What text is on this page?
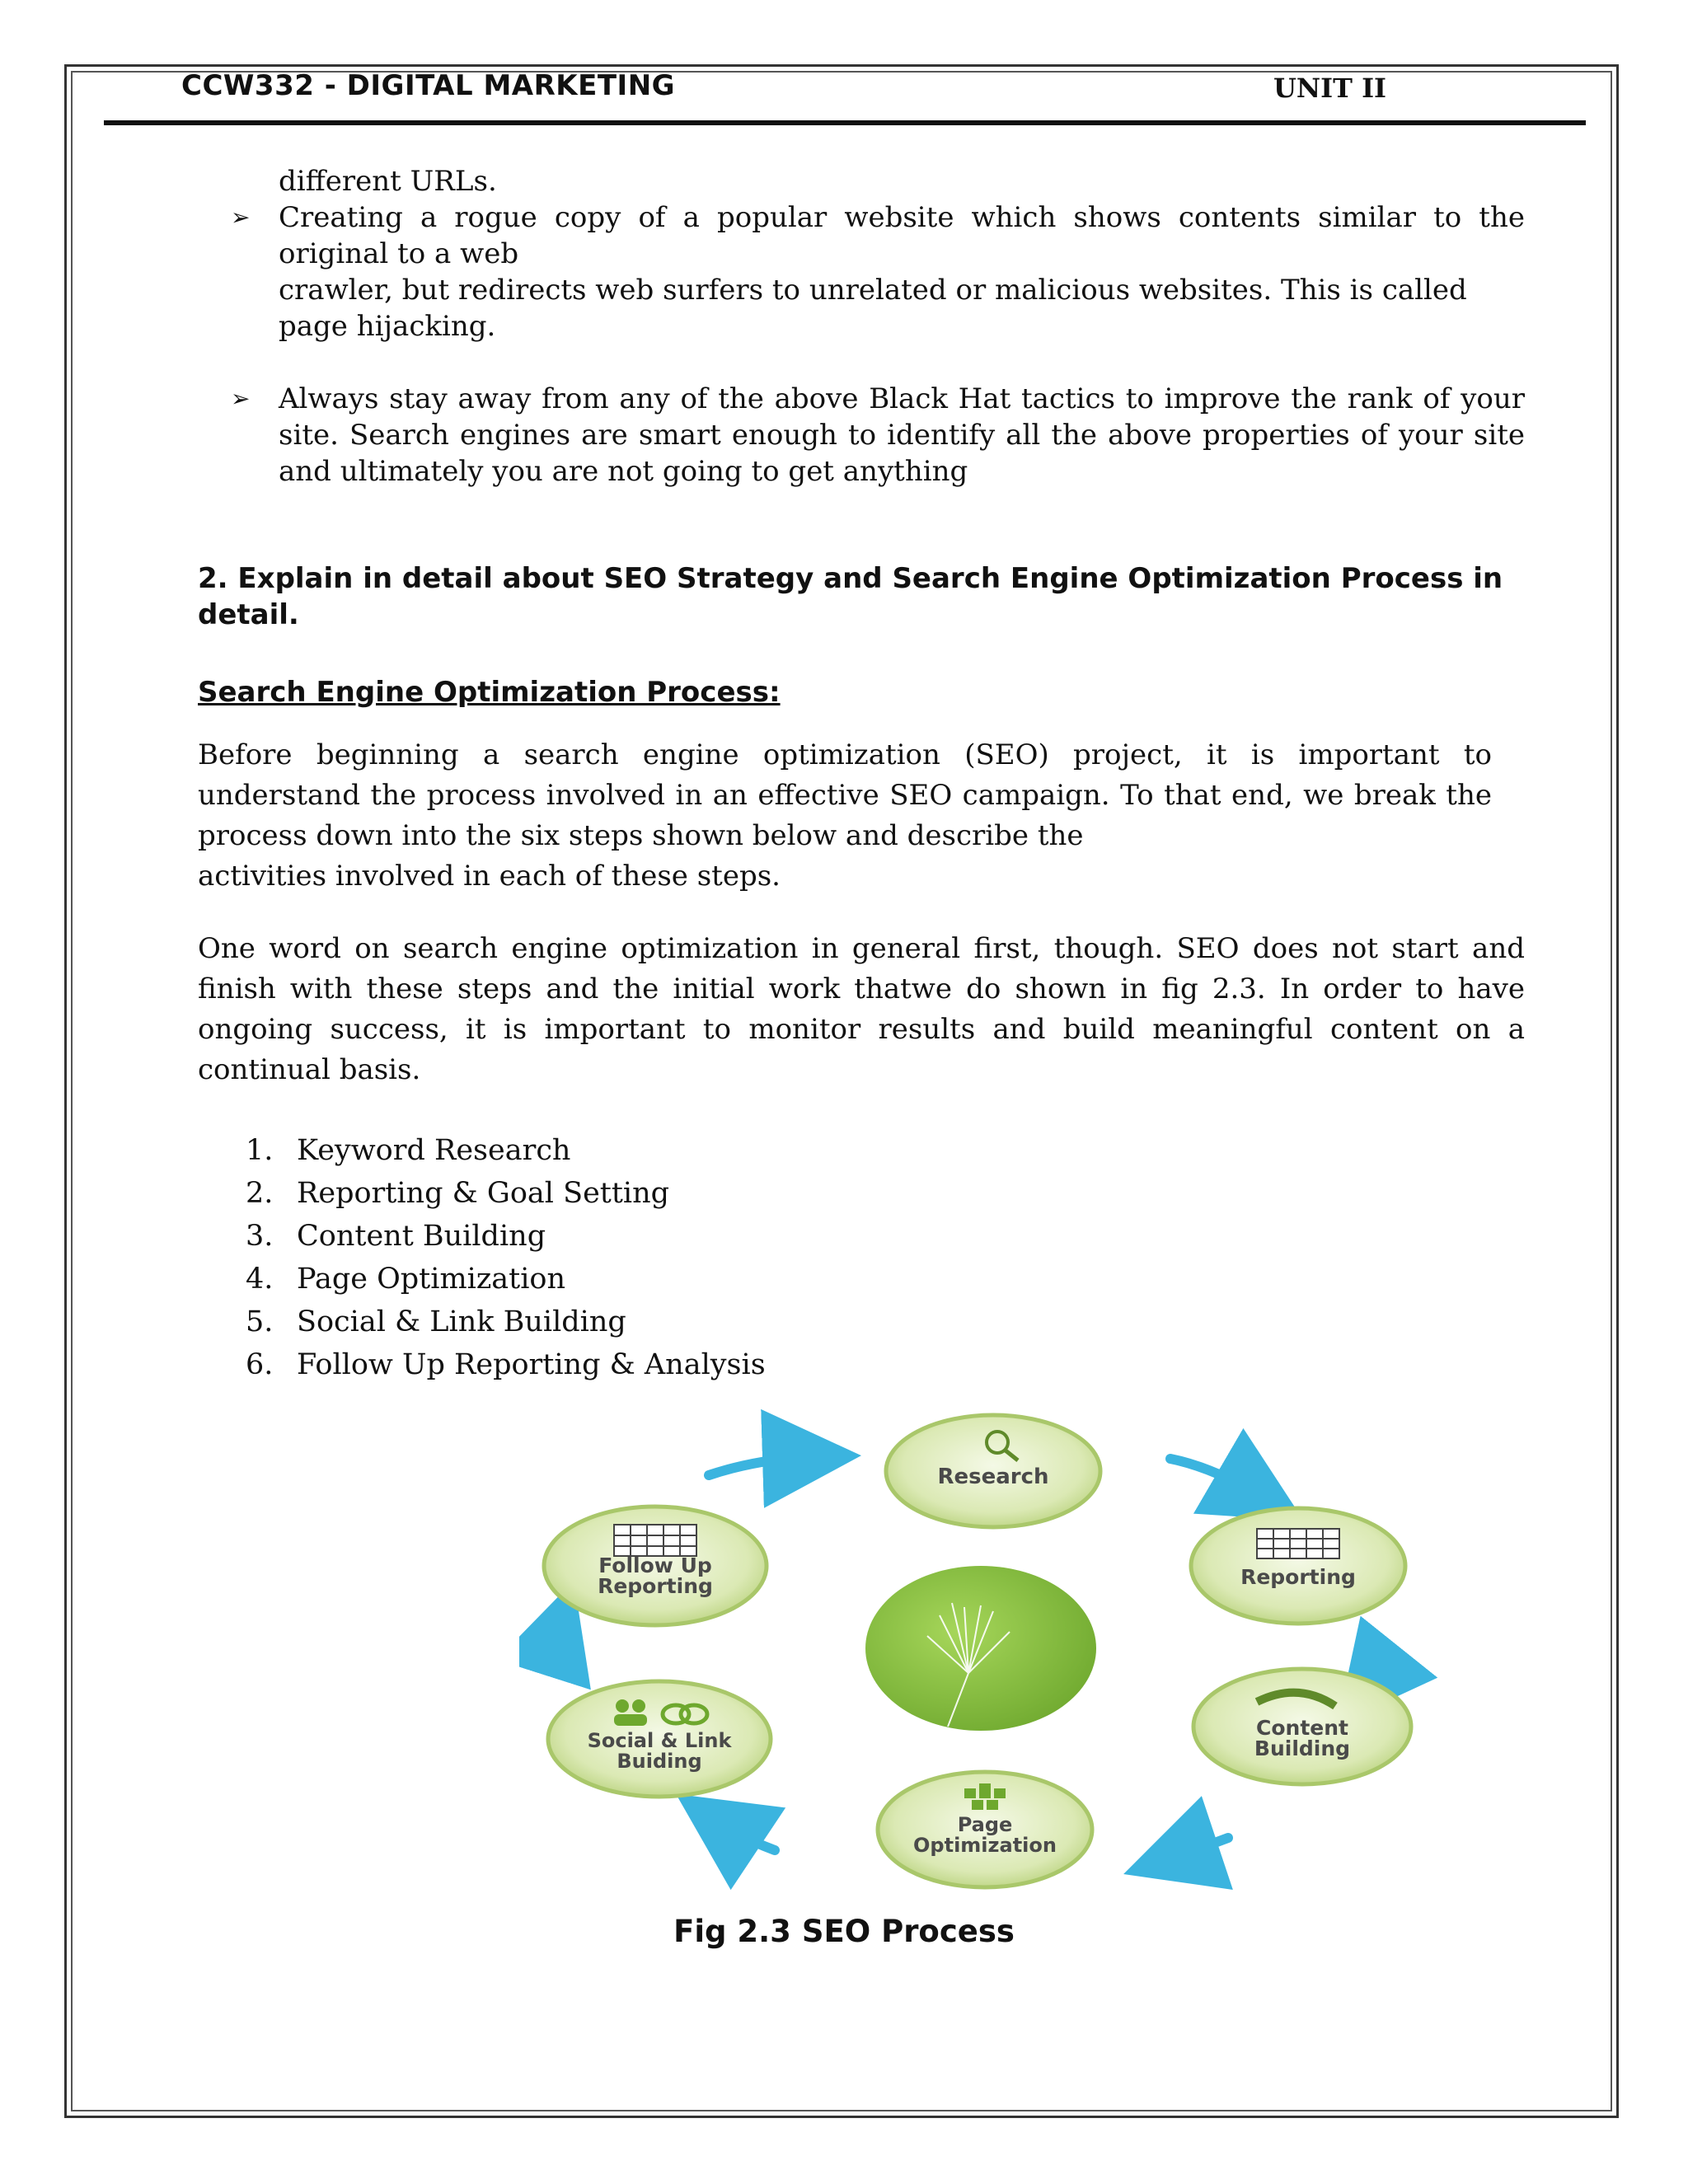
CCW332 - DIGITAL MARKETING	UNIT II
different URLs.
➢ Creating a rogue copy of a popular website which shows contents similar to the
original to a web
crawler, but redirects web surfers to unrelated or malicious websites. This is called
page hijacking.
➢ Always stay away from any of the above Black Hat tactics to improve the rank of your
site. Search engines are smart enough to identify all the above properties of your site
and ultimately you are not going to get anything
2. Explain in detail about SEO Strategy and Search Engine Optimization Process in detail.
Search Engine Optimization Process:
Before beginning a search engine optimization (SEO) project, it is important to understand the process involved in an effective SEO campaign. To that end, we break the process down into the six steps shown below and describe the
activities involved in each of these steps.
One word on search engine optimization in general first, though. SEO does not start and finish with these steps and the initial work thatwe do shown in fig 2.3. In order to have ongoing success, it is important to monitor results and build meaningful content on a continual basis.
1. Keyword Research
2. Reporting & Goal Setting
3. Content Building
4. Page Optimization
5. Social & Link Building
6. Follow Up Reporting & Analysis
Research
Reporting
Content
Building
Page
Optimization
Social & Link
Buiding
Follow Up
Reporting
Fig 2.3 SEO Process
